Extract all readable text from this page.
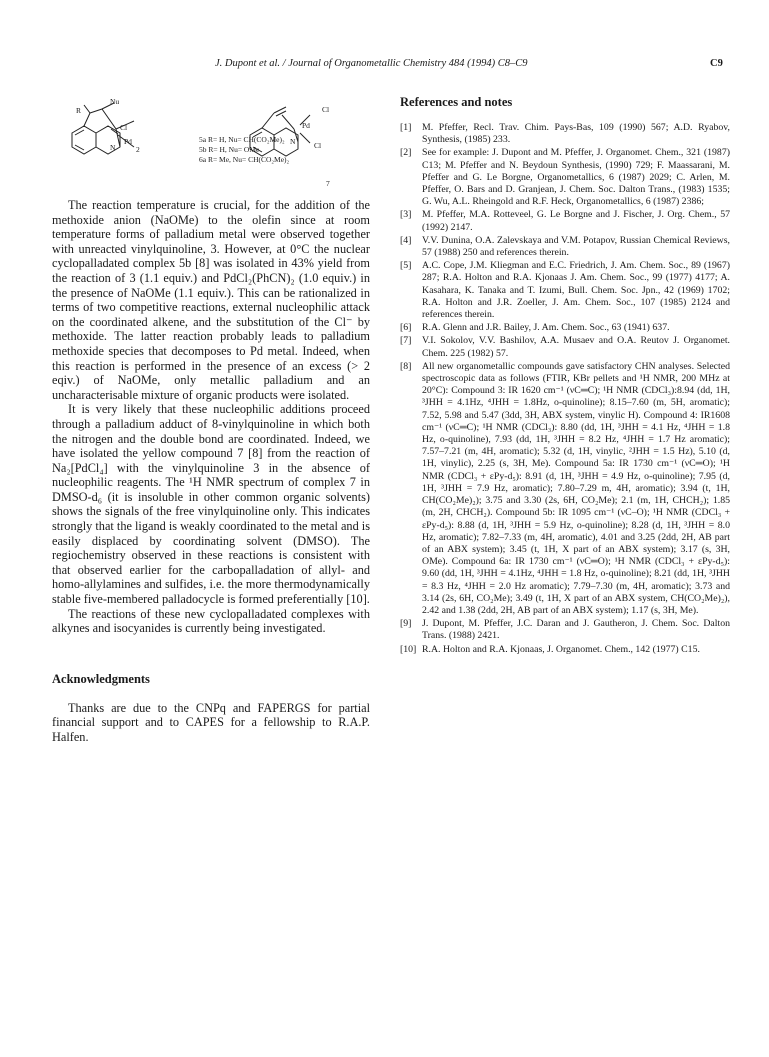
J. Dupont et al. / Journal of Organometallic Chemistry 484 (1994) C8–C9	C9
Nu
R
Cl
N
Pd
2
5a R= H, Nu= CH(CO₂Me)₂
5b R= H, Nu= OMe
6a R= Me, Nu= CH(CO₂Me)₂
Cl
Pd
N Cl
7

The reaction temperature is crucial, for the addition of the methoxide anion (NaOMe) to the olefin since at room temperature forms of palladium metal were observed together with unreacted vinylquinoline, 3. However, at 0°C the nuclear cyclopalladated complex 5b [8] was isolated in 43% yield from the reaction of 3 (1.1 equiv.) and PdCl₂(PhCN)₂ (1.0 equiv.) in the presence of NaOMe (1.1 equiv.). This can be rationalized in terms of two competitive reactions, external nucleophilic attack on the coordinated alkene, and the substitution of the Cl⁻ by methoxide. The latter reaction probably leads to palladium methoxide species that decomposes to Pd metal. Indeed, when this reaction is performed in the presence of an excess (> 2 eqiv.) of NaOMe, only metallic palladium and an uncharacterisable mixture of organic products were isolated.

It is very likely that these nucleophilic additions proceed through a palladium adduct of 8-vinylquinoline in which both the nitrogen and the double bond are coordinated. Indeed, we have isolated the yellow compound 7 [8] from the reaction of Na₂[PdCl₄] with the vinylquinoline 3 in the absence of nucleophilic reagents. The ¹H NMR spectrum of complex 7 in DMSO-d₆ (it is insoluble in other common organic solvents) shows the signals of the free vinylquinoline only. This indicates strongly that the ligand is weakly coordinated to the metal and is easily displaced by coordinating solvent (DMSO). The regiochemistry observed in these reactions is consistent with that observed earlier for the carbopalladation of allyl- and homo-allylamines and sulfides, i.e. the more thermodynamically stable five-membered palladocycle is formed preferentially [10].

The reactions of these new cyclopalladated complexes with alkynes and isocyanides is currently being investigated.

Acknowledgments

Thanks are due to the CNPq and FAPERGS for partial financial support and to CAPES for a fellowship to R.A.P. Halfen.

References and notes
[1] M. Pfeffer, Recl. Trav. Chim. Pays-Bas, 109 (1990) 567; A.D. Ryabov, Synthesis, (1985) 233.
[2] See for example: J. Dupont and M. Pfeffer, J. Organomet. Chem., 321 (1987) C13; M. Pfeffer and N. Beydoun Synthesis, (1990) 729; F. Maassarani, M. Pfeffer and G. Le Borgne, Organometallics, 6 (1987) 2029; C. Arlen, M. Pfeffer, O. Bars and D. Granjean, J. Chem. Soc. Dalton Trans., (1983) 1535; G. Wu, A.L. Rheingold and R.F. Heck, Organometallics, 6 (1987) 2386;
[3] M. Pfeffer, M.A. Rotteveel, G. Le Borgne and J. Fischer, J. Org. Chem., 57 (1992) 2147.
[4] V.V. Dunina, O.A. Zalevskaya and V.M. Potapov, Russian Chemical Reviews, 57 (1988) 250 and references therein.
[5] A.C. Cope, J.M. Kliegman and E.C. Friedrich, J. Am. Chem. Soc., 89 (1967) 287; R.A. Holton and R.A. Kjonaas J. Am. Chem. Soc., 99 (1977) 4177; A. Kasahara, K. Tanaka and T. Izumi, Bull. Chem. Soc. Jpn., 42 (1969) 1702; R.A. Holton and J.R. Zoeller, J. Am. Chem. Soc., 107 (1985) 2124 and references therein.
[6] R.A. Glenn and J.R. Bailey, J. Am. Chem. Soc., 63 (1941) 637.
[7] V.I. Sokolov, V.V. Bashilov, A.A. Musaev and O.A. Reutov J. Organomet. Chem. 225 (1982) 57.
[8] All new organometallic compounds gave satisfactory CHN analyses. Selected spectroscopic data as follows (FTIR, KBr pellets and ¹H NMR, 200 MHz at 20°C): Compound 3: IR 1620 cm⁻¹ (νC═C); ¹H NMR (CDCl₃):8.94 (dd, 1H, ³JHH = 4.1Hz, ⁴JHH = 1.8Hz, o-quinoline); 8.15–7.60 (m, 5H, aromatic); 7.52, 5.98 and 5.47 (3dd, 3H, ABX system, vinylic H). Compound 4: IR1608 cm⁻¹ (νC═C); ¹H NMR (CDCl₃): 8.80 (dd, 1H, ³JHH = 4.1 Hz, ⁴JHH = 1.8 Hz, o-quinoline), 7.93 (dd, 1H, ³JHH = 8.2 Hz, ⁴JHH = 1.7 Hz aromatic); 7.57–7.21 (m, 4H, aromatic); 5.32 (d, 1H, vinylic, ²JHH = 1.5 Hz), 5.10 (d, 1H, vinylic), 2.25 (s, 3H, Me). Compound 5a: IR 1730 cm⁻¹ (νC═O); ¹H NMR (CDCl₃ + εPy-d₅): 8.91 (d, 1H, ³JHH = 4.9 Hz, o-quinoline); 7.95 (d, 1H, ³JHH = 7.9 Hz, aromatic); 7.80–7.29 m, 4H, aromatic); 3.94 (t, 1H, CH(CO₂Me)₂); 3.75 and 3.30 (2s, 6H, CO₂Me); 2.1 (m, 1H, CHCH₂); 1.85 (m, 2H, CHCH₂). Compound 5b: IR 1095 cm⁻¹ (νC–O); ¹H NMR (CDCl₃ + εPy-d₅): 8.88 (d, 1H, ³JHH = 5.9 Hz, o-quinoline); 8.28 (d, 1H, ³JHH = 8.0 Hz, aromatic); 7.82–7.33 (m, 4H, aromatic), 4.01 and 3.25 (2dd, 2H, AB part of an ABX system); 3.45 (t, 1H, X part of an ABX system); 3.17 (s, 3H, OMe). Compound 6a: IR 1730 cm⁻¹ (νC═O); ¹H NMR (CDCl₃ + εPy-d₅): 9.60 (dd, 1H, ³JHH = 4.1Hz, ⁴JHH = 1.8 Hz, o-quinoline); 8.21 (dd, 1H, ³JHH = 8.3 Hz, ⁴JHH = 2.0 Hz aromatic); 7.79–7.30 (m, 4H, aromatic); 3.73 and 3.14 (2s, 6H, CO₂Me); 3.49 (t, 1H, X part of an ABX system, CH(CO₂Me)₂), 2.42 and 1.38 (2dd, 2H, AB part of an ABX system); 1.17 (s, 3H, Me).
[9] J. Dupont, M. Pfeffer, J.C. Daran and J. Gautheron, J. Chem. Soc. Dalton Trans. (1988) 2421.
[10] R.A. Holton and R.A. Kjonaas, J. Organomet. Chem., 142 (1977) C15.
